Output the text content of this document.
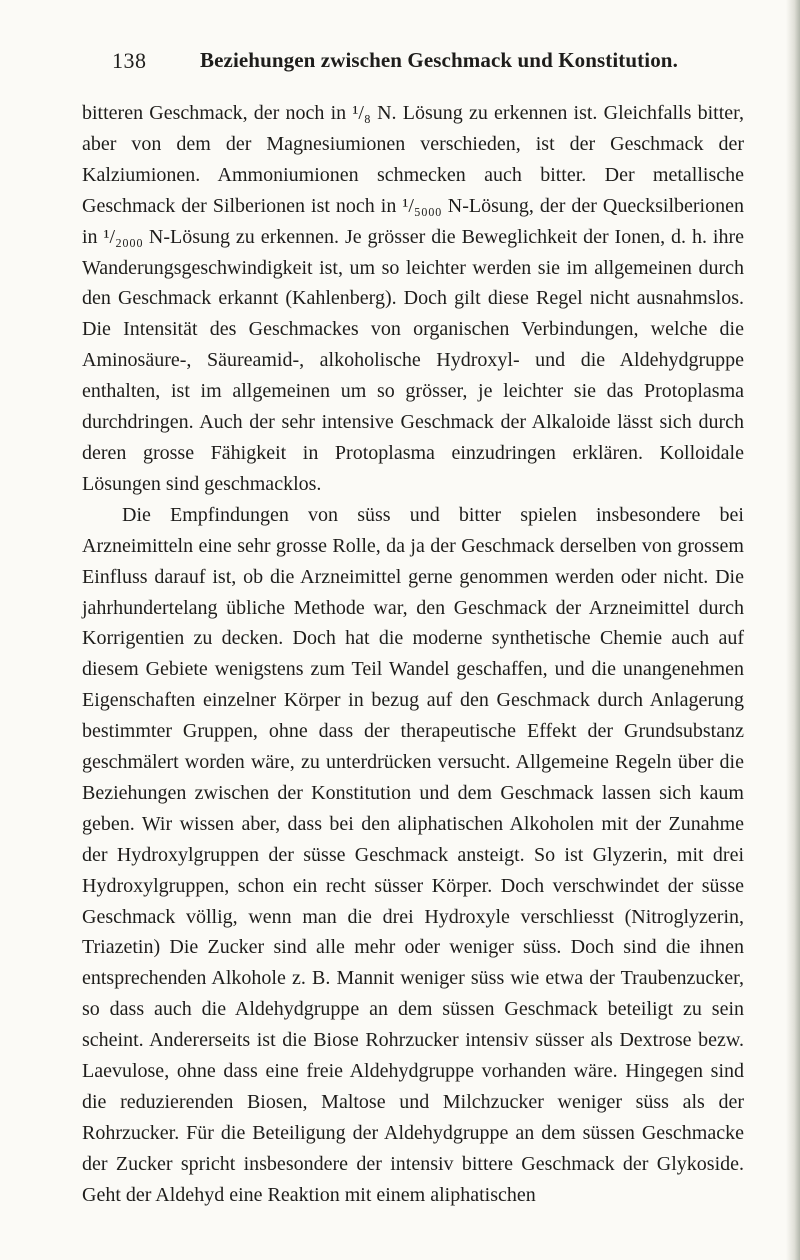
138	Beziehungen zwischen Geschmack und Konstitution.

bitteren Geschmack, der noch in ¹/₈ N. Lösung zu erkennen ist. Gleichfalls bitter, aber von dem der Magnesiumionen verschieden, ist der Geschmack der Kalziumionen. Ammoniumionen schmecken auch bitter. Der metallische Geschmack der Silberionen ist noch in ¹/₅₀₀₀ N-Lösung, der der Quecksilberionen in ¹/₂₀₀₀ N-Lösung zu erkennen. Je grösser die Beweglichkeit der Ionen, d. h. ihre Wanderungsgeschwindigkeit ist, um so leichter werden sie im allgemeinen durch den Geschmack erkannt (Kahlenberg). Doch gilt diese Regel nicht ausnahmslos. Die Intensität des Geschmackes von organischen Verbindungen, welche die Aminosäure-, Säureamid-, alkoholische Hydroxyl- und die Aldehydgruppe enthalten, ist im allgemeinen um so grösser, je leichter sie das Protoplasma durchdringen. Auch der sehr intensive Geschmack der Alkaloide lässt sich durch deren grosse Fähigkeit in Protoplasma einzudringen erklären. Kolloidale Lösungen sind geschmacklos.

Die Empfindungen von süss und bitter spielen insbesondere bei Arzneimitteln eine sehr grosse Rolle, da ja der Geschmack derselben von grossem Einfluss darauf ist, ob die Arzneimittel gerne genommen werden oder nicht. Die jahrhundertelang übliche Methode war, den Geschmack der Arzneimittel durch Korrigentien zu decken. Doch hat die moderne synthetische Chemie auch auf diesem Gebiete wenigstens zum Teil Wandel geschaffen, und die unangenehmen Eigenschaften einzelner Körper in bezug auf den Geschmack durch Anlagerung bestimmter Gruppen, ohne dass der therapeutische Effekt der Grundsubstanz geschmälert worden wäre, zu unterdrücken versucht. Allgemeine Regeln über die Beziehungen zwischen der Konstitution und dem Geschmack lassen sich kaum geben. Wir wissen aber, dass bei den aliphatischen Alkoholen mit der Zunahme der Hydroxylgruppen der süsse Geschmack ansteigt. So ist Glyzerin, mit drei Hydroxylgruppen, schon ein recht süsser Körper. Doch verschwindet der süsse Geschmack völlig, wenn man die drei Hydroxyle verschliesst (Nitroglyzerin, Triazetin) Die Zucker sind alle mehr oder weniger süss. Doch sind die ihnen entsprechenden Alkohole z. B. Mannit weniger süss wie etwa der Traubenzucker, so dass auch die Aldehydgruppe an dem süssen Geschmack beteiligt zu sein scheint. Andererseits ist die Biose Rohrzucker intensiv süsser als Dextrose bezw. Laevulose, ohne dass eine freie Aldehydgruppe vorhanden wäre. Hingegen sind die reduzierenden Biosen, Maltose und Milchzucker weniger süss als der Rohrzucker. Für die Beteiligung der Aldehydgruppe an dem süssen Geschmacke der Zucker spricht insbesondere der intensiv bittere Geschmack der Glykoside. Geht der Aldehyd eine Reaktion mit einem aliphatischen
